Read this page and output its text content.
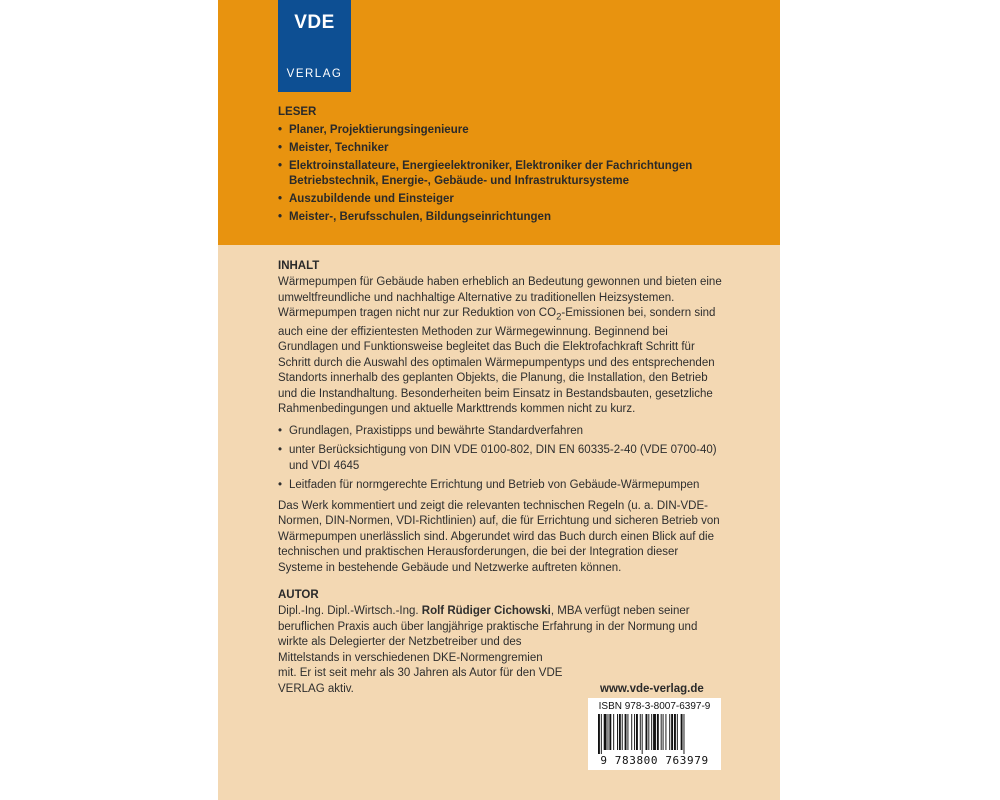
VDE
VERLAG
LESER
• Planer, Projektierungsingenieure
• Meister, Techniker
• Elektroinstallateure, Energieelektroniker, Elektroniker der Fachrichtungen Betriebstechnik, Energie-, Gebäude- und Infrastruktursysteme
• Auszubildende und Einsteiger
• Meister-, Berufsschulen, Bildungseinrichtungen
INHALT

Wärmepumpen für Gebäude haben erheblich an Bedeutung gewonnen und bieten eine umweltfreundliche und nachhaltige Alternative zu traditionellen Heizsystemen. Wärmepumpen tragen nicht nur zur Reduktion von $CO_2$-Emissionen bei, sondern sind auch eine der effizientesten Methoden zur Wärmegewinnung. Beginnend bei Grundlagen und Funktionsweise begleitet das Buch die Elektrofachkraft Schritt für Schritt durch die Auswahl des optimalen Wärmepumpentyps und des entsprechenden Standorts innerhalb des geplanten Objekts, die Planung, die Installation, den Betrieb und die Instandhaltung. Besonderheiten beim Einsatz in Bestandsbauten, gesetzliche Rahmenbedingungen und aktuelle Markttrends kommen nicht zu kurz.

• Grundlagen, Praxistipps und bewährte Standardverfahren
• unter Berücksichtigung von DIN VDE 0100-802, DIN EN 60335-2-40 (VDE 0700-40) und VDI 4645
• Leitfaden für normgerechte Errichtung und Betrieb von Gebäude-Wärmepumpen

Das Werk kommentiert und zeigt die relevanten technischen Regeln (u. a. DIN-VDE-Normen, DIN-Normen, VDI-Richtlinien) auf, die für Errichtung und sicheren Betrieb von Wärmepumpen unerlässlich sind. Abgerundet wird das Buch durch einen Blick auf die technischen und praktischen Herausforderungen, die bei der Integration dieser Systeme in bestehende Gebäude und Netzwerke auftreten können.

AUTOR

Dipl.-Ing. Dipl.-Wirtsch.-Ing. Rolf Rüdiger Cichowski, MBA verfügt neben seiner beruflichen Praxis auch über langjährige praktische Erfahrung in der Normung und wirkte als Delegierter der Netzbetreiber und des
Mittelstands in verschiedenen DKE-Normengremien mit. Er ist seit mehr als 30 Jahren als Autor für den VDE VERLAG aktiv.	www.vde-verlag.de
ISBN 978-3-8007-6397-9
9 783800 763979
